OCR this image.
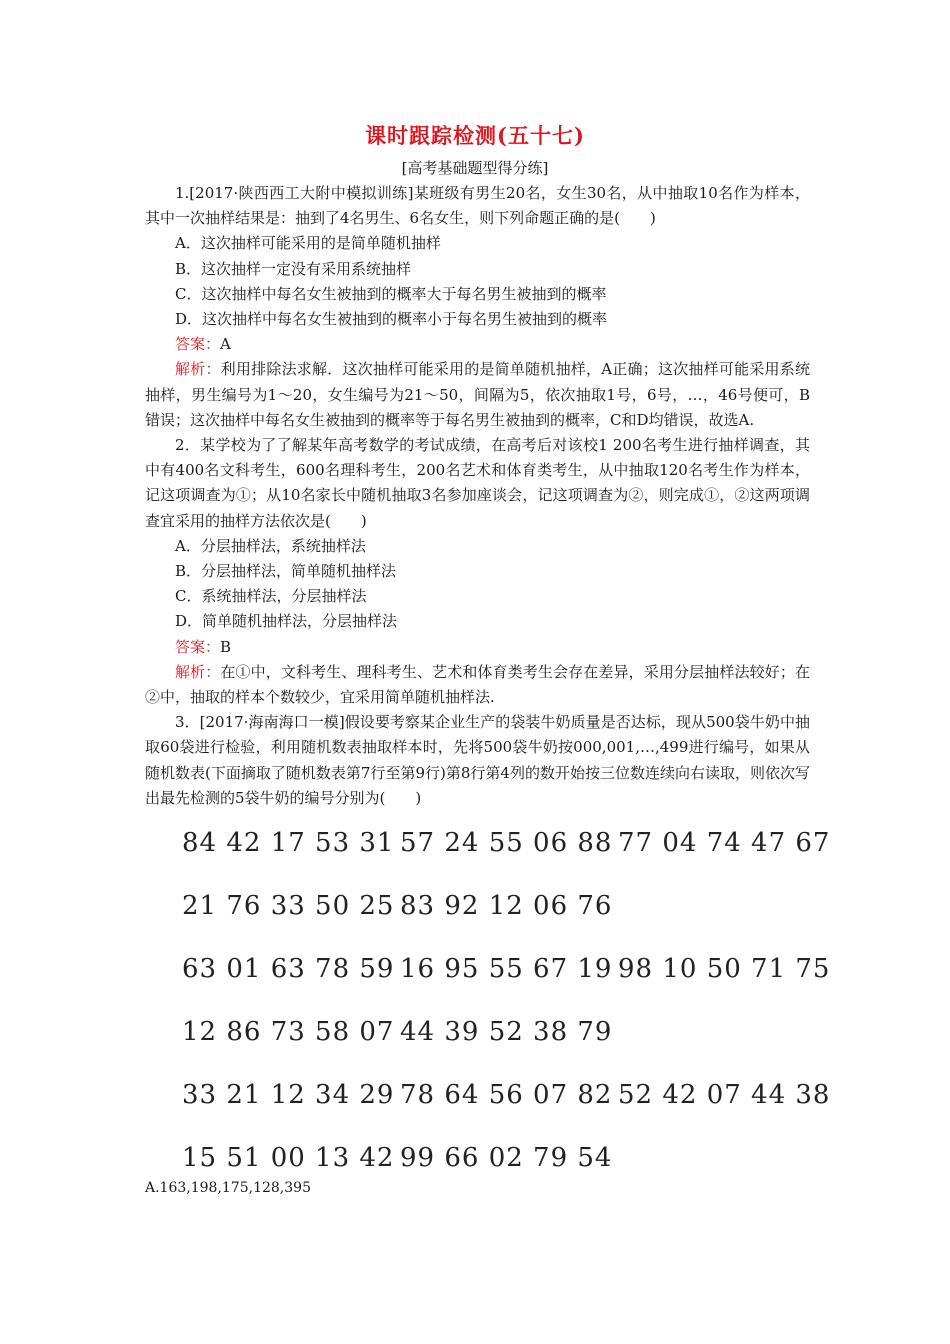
课时跟踪检测(五十七)
[高考基础题型得分练]

1.[2017·陕西西工大附中模拟训练]某班级有男生20名，女生30名，从中抽取10名作为样本，其中一次抽样结果是：抽到了4名男生、6名女生，则下列命题正确的是(　　)

A．这次抽样可能采用的是简单随机抽样

B．这次抽样一定没有采用系统抽样

C．这次抽样中每名女生被抽到的概率大于每名男生被抽到的概率

D．这次抽样中每名女生被抽到的概率小于每名男生被抽到的概率

答案：A

解析：利用排除法求解．这次抽样可能采用的是简单随机抽样，A正确；这次抽样可能采用系统抽样，男生编号为1～20，女生编号为21～50，间隔为5，依次抽取1号，6号，…，46号便可，B错误；这次抽样中每名女生被抽到的概率等于每名男生被抽到的概率，C和D均错误，故选A.

2．某学校为了了解某年高考数学的考试成绩，在高考后对该校1 200名考生进行抽样调查，其中有400名文科考生，600名理科考生，200名艺术和体育类考生，从中抽取120名考生作为样本，记这项调查为①；从10名家长中随机抽取3名参加座谈会，记这项调查为②，则完成①，②这两项调查宜采用的抽样方法依次是(　　)

A．分层抽样法，系统抽样法

B．分层抽样法，简单随机抽样法

C．系统抽样法，分层抽样法

D．简单随机抽样法，分层抽样法

答案：B

解析：在①中，文科考生、理科考生、艺术和体育类考生会存在差异，采用分层抽样法较好；在②中，抽取的样本个数较少，宜采用简单随机抽样法.

3．[2017·海南海口一模]假设要考察某企业生产的袋装牛奶质量是否达标，现从500袋牛奶中抽取60袋进行检验，利用随机数表抽取样本时，先将500袋牛奶按000,001,…,499进行编号，如果从随机数表(下面摘取了随机数表第7行至第9行)第8行第4列的数开始按三位数连续向右读取，则依次写出最先检测的5袋牛奶的编号分别为(　　)

84 42 17 53 31 57 24 55 06 88 77 04 74 47 67
21 76 33 50 25 83 92 12 06 76
63 01 63 78 59 16 95 55 67 19 98 10 50 71 75
12 86 73 58 07 44 39 52 38 79
33 21 12 34 29 78 64 56 07 82 52 42 07 44 38
15 51 00 13 42 99 66 02 79 54
A.163,198,175,128,395
